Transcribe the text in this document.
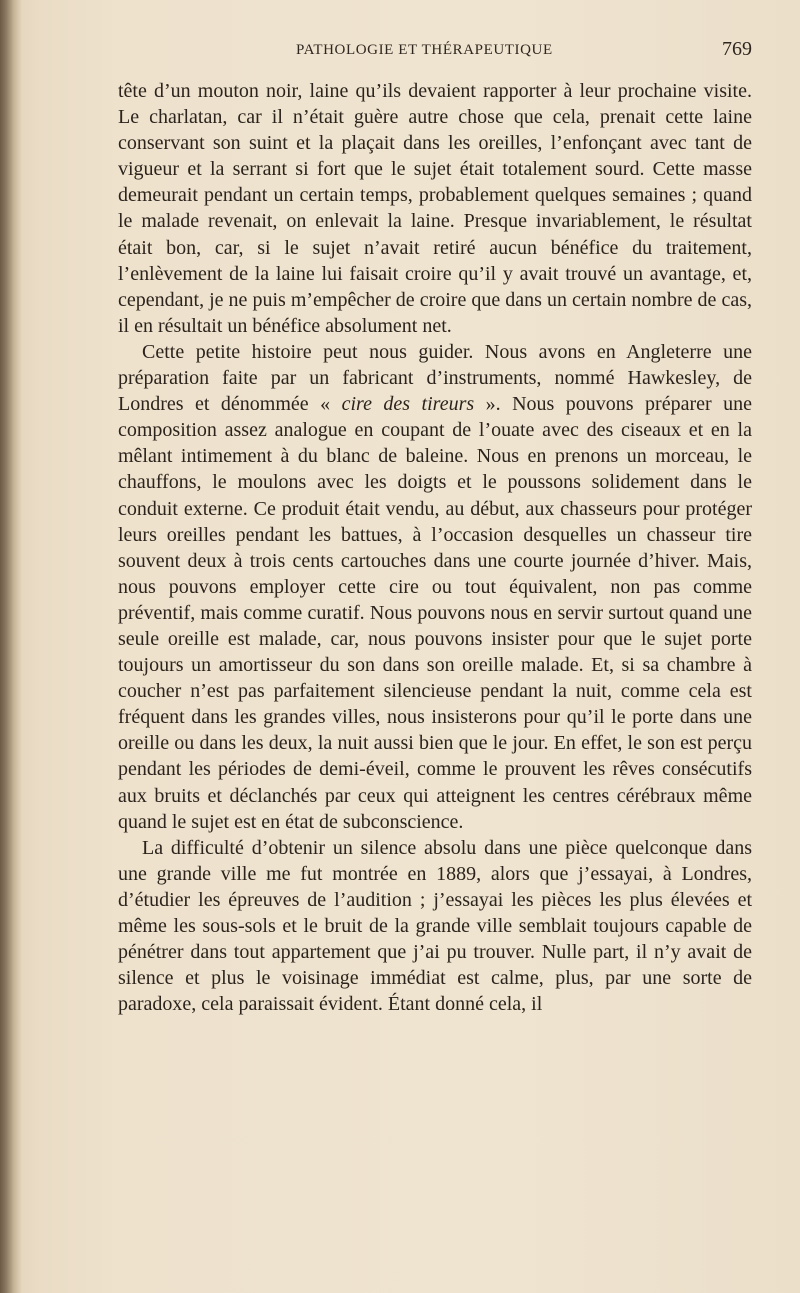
PATHOLOGIE ET THÉRAPEUTIQUE	769

tête d’un mouton noir, laine qu’ils devaient rapporter à leur prochaine visite. Le charlatan, car il n’était guère autre chose que cela, prenait cette laine conservant son suint et la plaçait dans les oreilles, l’enfonçant avec tant de vigueur et la serrant si fort que le sujet était totalement sourd. Cette masse demeurait pendant un certain temps, probablement quelques semaines ; quand le malade revenait, on enlevait la laine. Presque invariablement, le résultat était bon, car, si le sujet n’avait retiré aucun bénéfice du traitement, l’enlèvement de la laine lui faisait croire qu’il y avait trouvé un avantage, et, cependant, je ne puis m’empêcher de croire que dans un certain nombre de cas, il en résultait un bénéfice absolument net.

Cette petite histoire peut nous guider. Nous avons en Angleterre une préparation faite par un fabricant d’instruments, nommé Hawkesley, de Londres et dénommée « cire des tireurs ». Nous pouvons préparer une composition assez analogue en coupant de l’ouate avec des ciseaux et en la mêlant intimement à du blanc de baleine. Nous en prenons un morceau, le chauffons, le moulons avec les doigts et le poussons solidement dans le conduit externe. Ce produit était vendu, au début, aux chasseurs pour protéger leurs oreilles pendant les battues, à l’occasion desquelles un chasseur tire souvent deux à trois cents cartouches dans une courte journée d’hiver. Mais, nous pouvons employer cette cire ou tout équivalent, non pas comme préventif, mais comme curatif. Nous pouvons nous en servir surtout quand une seule oreille est malade, car, nous pouvons insister pour que le sujet porte toujours un amortisseur du son dans son oreille malade. Et, si sa chambre à coucher n’est pas parfaitement silencieuse pendant la nuit, comme cela est fréquent dans les grandes villes, nous insisterons pour qu’il le porte dans une oreille ou dans les deux, la nuit aussi bien que le jour. En effet, le son est perçu pendant les périodes de demi-éveil, comme le prouvent les rêves consécutifs aux bruits et déclanchés par ceux qui atteignent les centres cérébraux même quand le sujet est en état de subconscience.

La difficulté d’obtenir un silence absolu dans une pièce quelconque dans une grande ville me fut montrée en 1889, alors que j’essayai, à Londres, d’étudier les épreuves de l’audition ; j’essayai les pièces les plus élevées et même les sous-sols et le bruit de la grande ville semblait toujours capable de pénétrer dans tout appartement que j’ai pu trouver. Nulle part, il n’y avait de silence et plus le voisinage immédiat est calme, plus, par une sorte de paradoxe, cela paraissait évident. Étant donné cela, il
